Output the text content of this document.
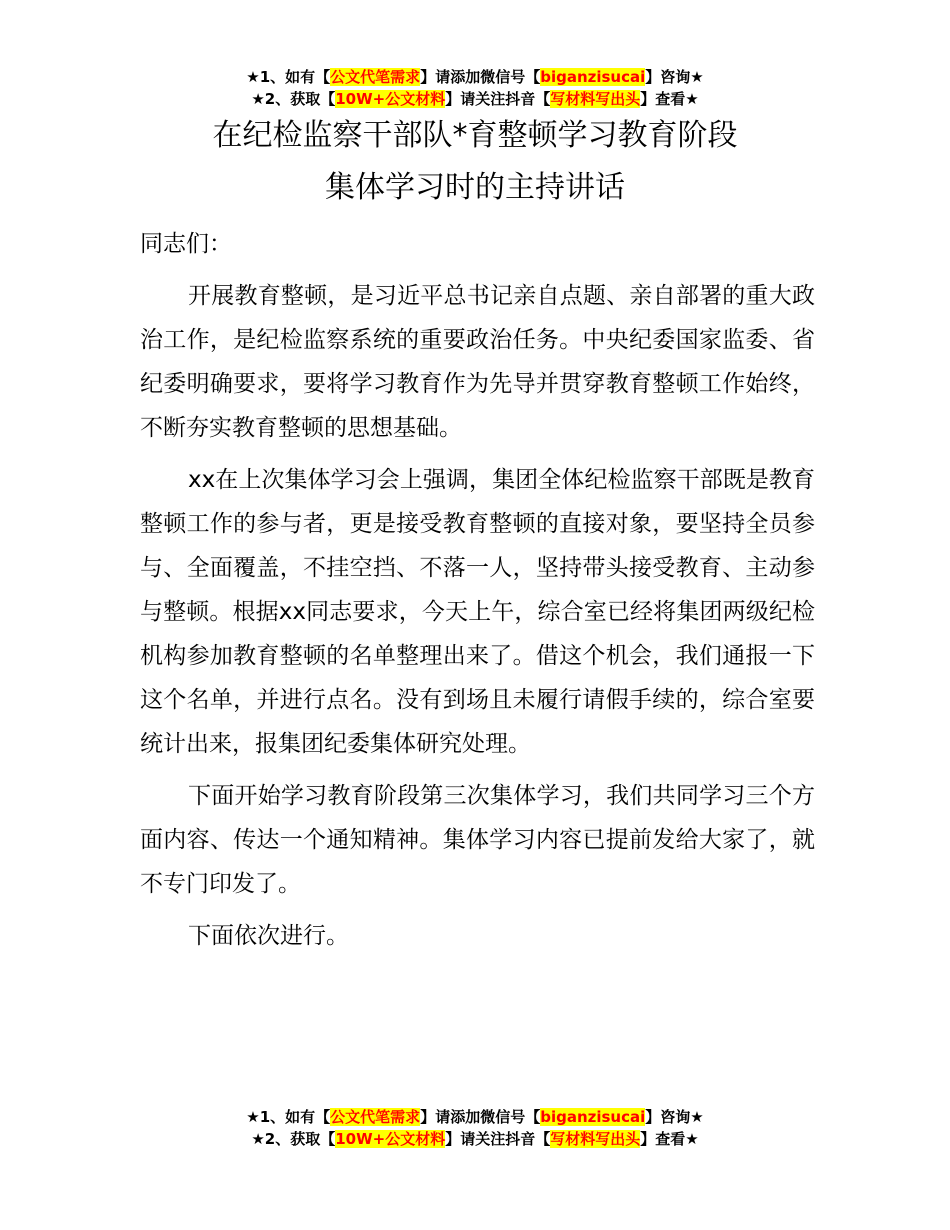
★1、如有【公文代笔需求】请添加微信号【biganzisucai】咨询★
★2、获取【10W+公文材料】请关注抖音【写材料写出头】查看★
在纪检监察干部队*育整顿学习教育阶段
集体学习时的主持讲话

同志们：

开展教育整顿，是习近平总书记亲自点题、亲自部署的重大政治工作，是纪检监察系统的重要政治任务。中央纪委国家监委、省纪委明确要求，要将学习教育作为先导并贯穿教育整顿工作始终，不断夯实教育整顿的思想基础。

xx在上次集体学习会上强调，集团全体纪检监察干部既是教育整顿工作的参与者，更是接受教育整顿的直接对象，要坚持全员参与、全面覆盖，不挂空挡、不落一人，坚持带头接受教育、主动参与整顿。根据xx同志要求，今天上午，综合室已经将集团两级纪检机构参加教育整顿的名单整理出来了。借这个机会，我们通报一下这个名单，并进行点名。没有到场且未履行请假手续的，综合室要统计出来，报集团纪委集体研究处理。

下面开始学习教育阶段第三次集体学习，我们共同学习三个方面内容、传达一个通知精神。集体学习内容已提前发给大家了，就不专门印发了。

下面依次进行。

★1、如有【公文代笔需求】请添加微信号【biganzisucai】咨询★
★2、获取【10W+公文材料】请关注抖音【写材料写出头】查看★
